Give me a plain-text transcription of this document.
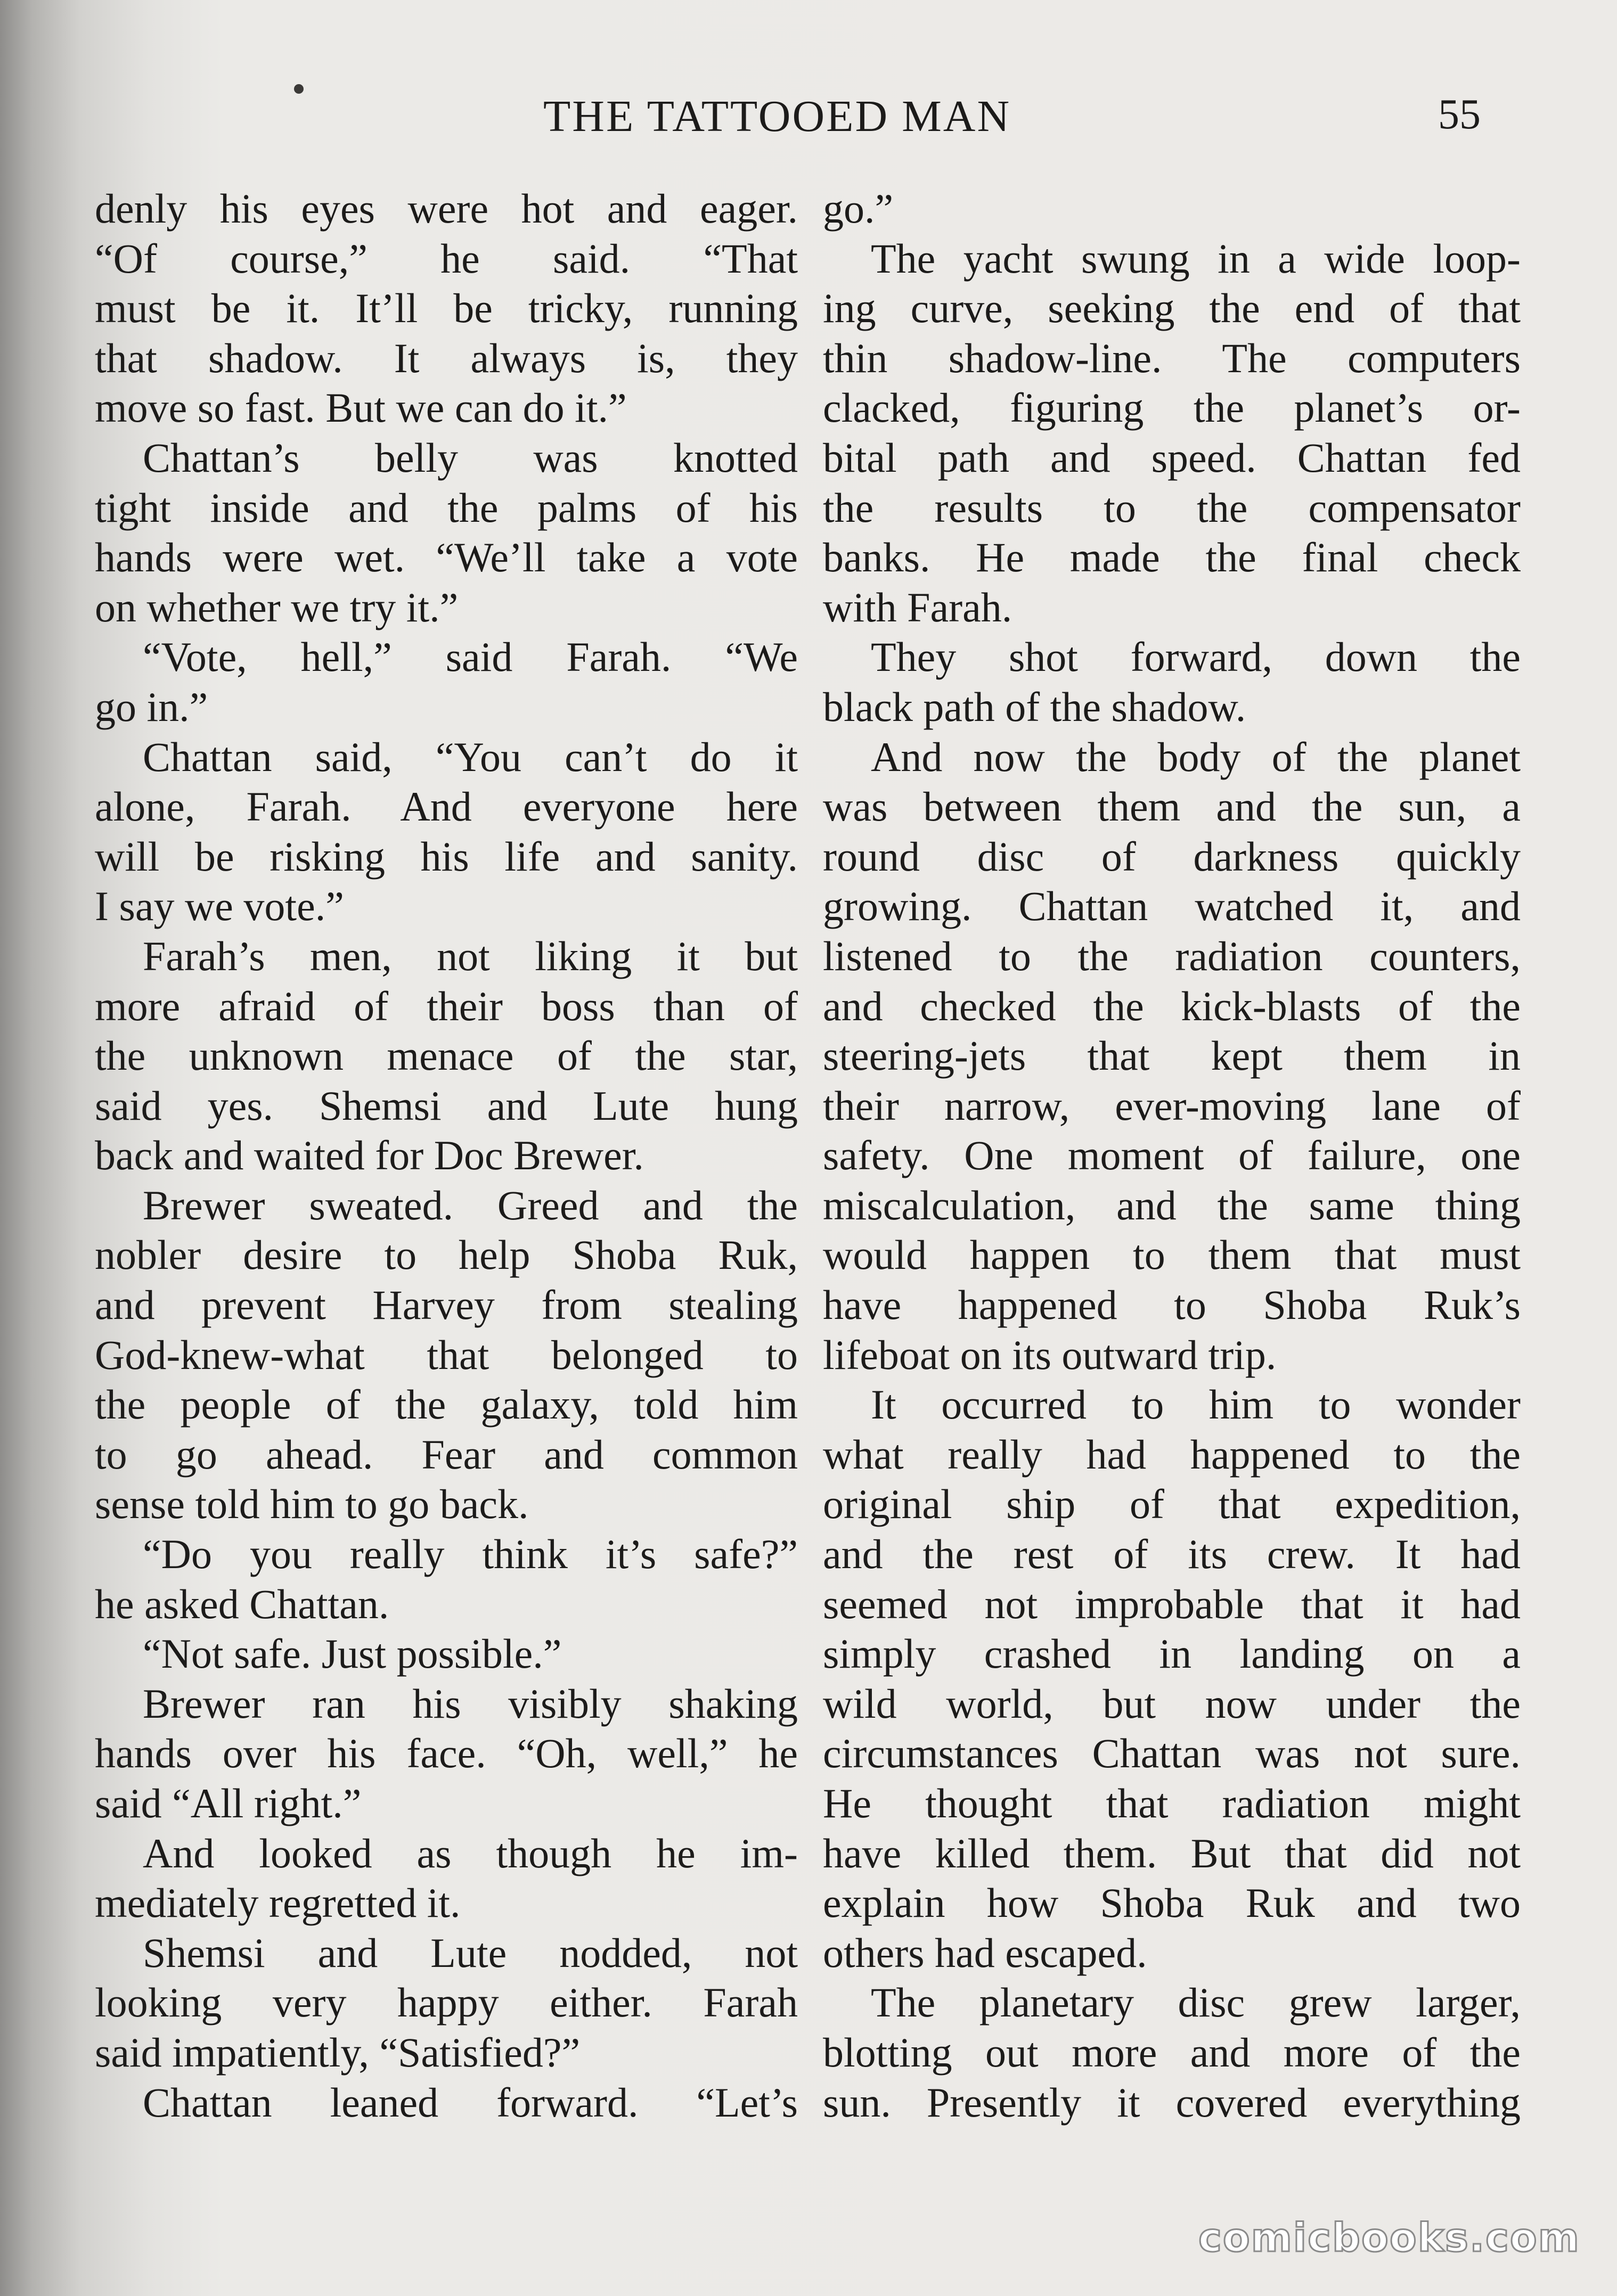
THE TATTOOED MAN	55
denly his eyes were hot and eager.
“Of course,” he said. “That
must be it. It’ll be tricky, running
that shadow. It always is, they
move so fast. But we can do it.”
Chattan’s belly was knotted
tight inside and the palms of his
hands were wet. “We’ll take a vote
on whether we try it.”
“Vote, hell,” said Farah. “We
go in.”
Chattan said, “You can’t do it
alone, Farah. And everyone here
will be risking his life and sanity.
I say we vote.”
Farah’s men, not liking it but
more afraid of their boss than of
the unknown menace of the star,
said yes. Shemsi and Lute hung
back and waited for Doc Brewer.
Brewer sweated. Greed and the
nobler desire to help Shoba Ruk,
and prevent Harvey from stealing
God-knew-what that belonged to
the people of the galaxy, told him
to go ahead. Fear and common
sense told him to go back.
“Do you really think it’s safe?”
he asked Chattan.
“Not safe. Just possible.”
Brewer ran his visibly shaking
hands over his face. “Oh, well,” he
said “All right.”
And looked as though he im-
mediately regretted it.
Shemsi and Lute nodded, not
looking very happy either. Farah
said impatiently, “Satisfied?”
Chattan leaned forward. “Let’s
go.”
The yacht swung in a wide loop-
ing curve, seeking the end of that
thin shadow-line. The computers
clacked, figuring the planet’s or-
bital path and speed. Chattan fed
the results to the compensator
banks. He made the final check
with Farah.
They shot forward, down the
black path of the shadow.
And now the body of the planet
was between them and the sun, a
round disc of darkness quickly
growing. Chattan watched it, and
listened to the radiation counters,
and checked the kick-blasts of the
steering-jets that kept them in
their narrow, ever-moving lane of
safety. One moment of failure, one
miscalculation, and the same thing
would happen to them that must
have happened to Shoba Ruk’s
lifeboat on its outward trip.
It occurred to him to wonder
what really had happened to the
original ship of that expedition,
and the rest of its crew. It had
seemed not improbable that it had
simply crashed in landing on a
wild world, but now under the
circumstances Chattan was not sure.
He thought that radiation might
have killed them. But that did not
explain how Shoba Ruk and two
others had escaped.
The planetary disc grew larger,
blotting out more and more of the
sun. Presently it covered everything
comicbooks.com
